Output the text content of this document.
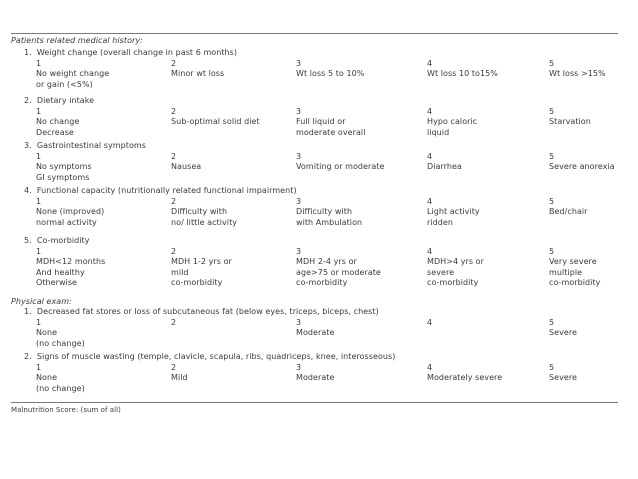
Patients related medical history:
1.  Weight change (overall change in past 6 months)
1
No weight change
or gain (<5%)
2
Minor wt loss
3
Wt loss 5 to 10%
4
Wt loss 10 to15%
5
Wt loss >15%
2.  Dietary intake
1
No change
Decrease
2
Sub-optimal solid diet
3
Full liquid or
moderate overall
4
Hypo caloric
liquid
5
Starvation
3.  Gastrointestinal symptoms
1
No symptoms
GI symptoms
2
Nausea
3
Vomiting or moderate
4
Diarrhea
5
Severe anorexia
4.  Functional capacity (nutritionally related functional impairment)
1
None (improved)
normal activity
2
Difficulty with
no/ little activity
3
Difficulty with
with Ambulation
4
Light activity
ridden
5
Bed/chair
5.  Co-morbidity
1
MDH<12 months
And healthy
Otherwise
2
MDH 1-2 yrs or
mild
co-morbidity
3
MDH 2-4 yrs or
age>75 or moderate
co-morbidity
4
MDH>4 yrs or
severe
co-morbidity
5
Very severe
multiple
co-morbidity
Physical exam:
1.  Decreased fat stores or loss of subcutaneous fat (below eyes, triceps, biceps, chest)
1
None
(no change)
2	3
Moderate
4	5
Severe
2.  Signs of muscle wasting (temple, clavicle, scapula, ribs, quadriceps, knee, interosseous)
1
None
(no change)
2
Mild
3
Moderate
4
Moderately severe
5
Severe
Malnutrition Score: (sum of all)
